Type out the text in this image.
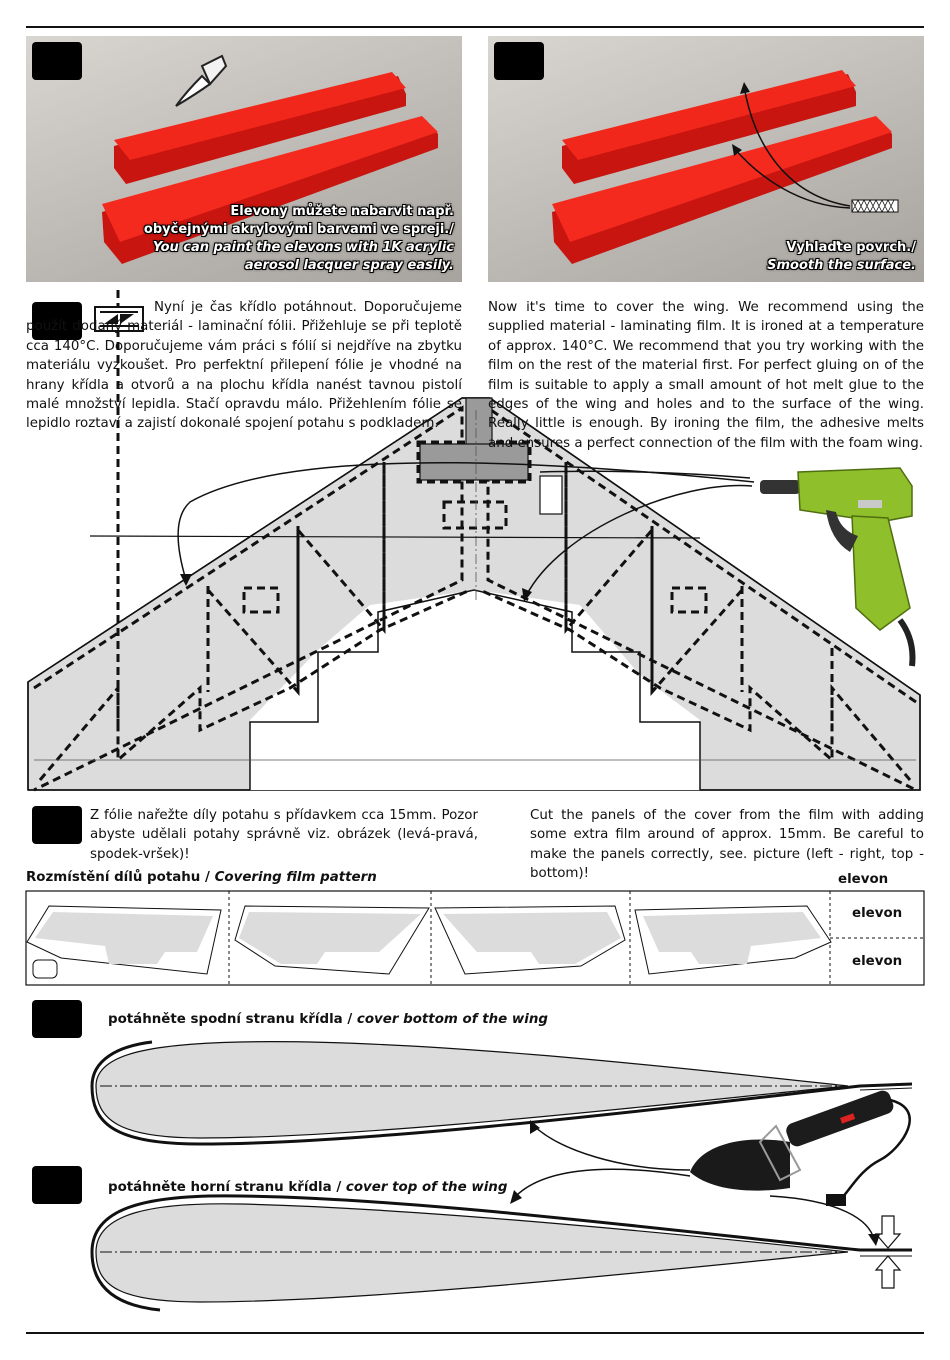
Elevony můžete nabarvit např.
obyčejnými akrylovými barvami ve spreji./
You can paint the elevons with 1K acrylic
aerosol lacquer spray easily.
Vyhlaďte povrch./
Smooth the surface.

Nyní je čas křídlo potáhnout. Doporučujeme použít dodaný materiál - laminační fólii. Přižehluje se při teplotě cca 140°C. Doporučujeme vám práci s fólií si nejdříve na zbytku materiálu vyzkoušet. Pro perfektní přilepení fólie je vhodné na hrany křídla a otvorů a na plochu křídla nanést tavnou pistolí malé množství lepidla. Stačí opravdu málo. Přižehlením fólie se lepidlo roztaví a zajistí dokonalé spojení potahu s podkladem.

Now it's time to cover the wing. We recommend using the supplied material - laminating film. It is ironed at a temperature of approx. 140°C. We recommend that you try working with the film on the rest of the material first. For perfect gluing on of the film is suitable to apply a small amount of hot melt glue to the edges of the wing and holes and to the surface of the wing. Really little is enough. By ironing the film, the adhesive melts and ensures a perfect connection of the film with the foam wing.

Z fólie nařežte díly potahu s přídavkem cca 15mm. Pozor abyste udělali potahy správně viz. obrázek (levá-pravá, spodek-vršek)!

Cut the panels of the cover from the film with adding some extra film around of approx. 15mm. Be careful to make the panels correctly, see. picture (left - right, top - bottom)!

Rozmístění dílů potahu / Covering film pattern	elevon
elevon
elevon
potáhněte spodní stranu křídla / cover bottom of the wing
potáhněte horní stranu křídla / cover top of the wing
